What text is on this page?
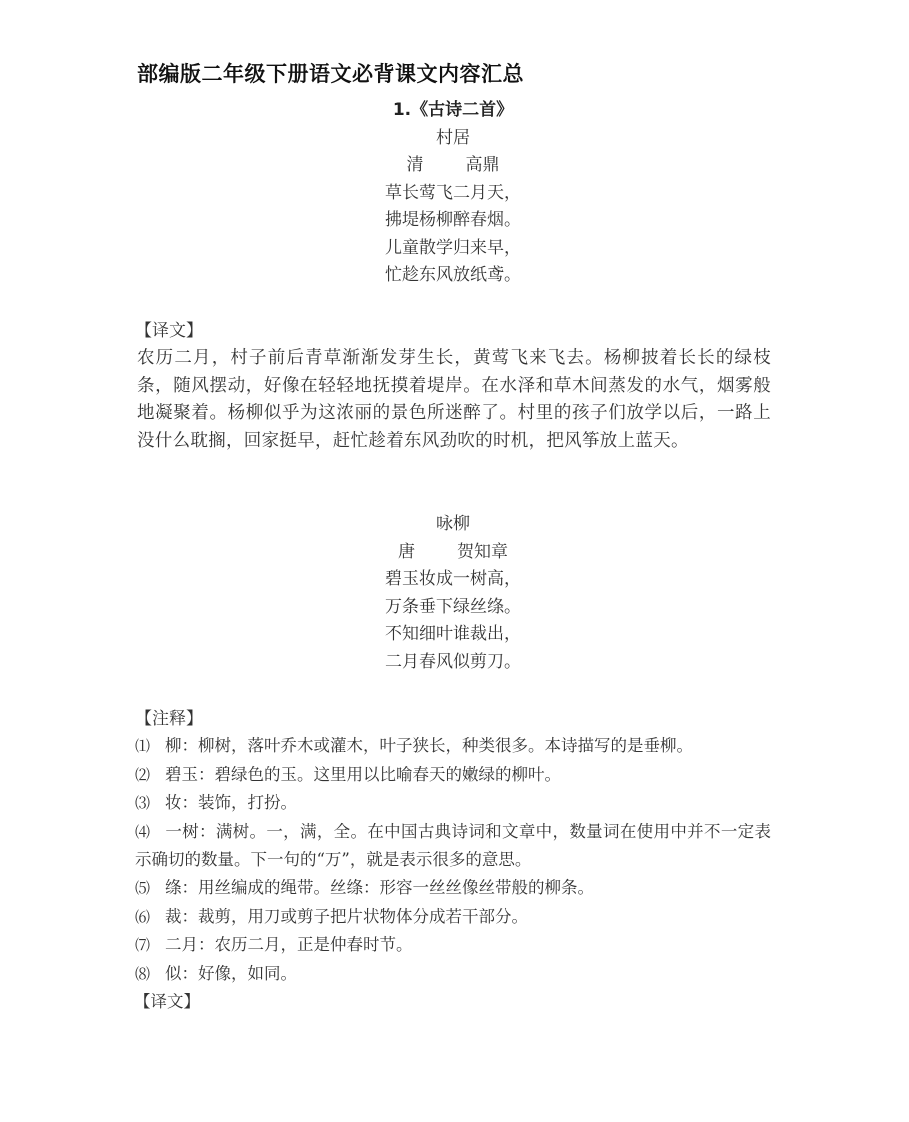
部编版二年级下册语文必背课文内容汇总
1.《古诗二首》
村居
清 高鼎
草长莺飞二月天，
拂堤杨柳醉春烟。
儿童散学归来早，
忙趁东风放纸鸢。
【译文】
农历二月，村子前后青草渐渐发芽生长，黄莺飞来飞去。杨柳披着长长的绿枝条，随风摆动，好像在轻轻地抚摸着堤岸。在水泽和草木间蒸发的水气，烟雾般地凝聚着。杨柳似乎为这浓丽的景色所迷醉了。村里的孩子们放学以后，一路上没什么耽搁，回家挺早，赶忙趁着东风劲吹的时机，把风筝放上蓝天。
咏柳
唐 贺知章
碧玉妆成一树高，
万条垂下绿丝绦。
不知细叶谁裁出，
二月春风似剪刀。
【注释】
⑴ 柳：柳树，落叶乔木或灌木，叶子狭长，种类很多。本诗描写的是垂柳。
⑵ 碧玉：碧绿色的玉。这里用以比喻春天的嫩绿的柳叶。
⑶ 妆：装饰，打扮。
⑷ 一树：满树。一，满，全。在中国古典诗词和文章中，数量词在使用中并不一定表示确切的数量。下一句的“万”，就是表示很多的意思。
⑸ 绦：用丝编成的绳带。丝绦：形容一丝丝像丝带般的柳条。
⑹ 裁：裁剪，用刀或剪子把片状物体分成若干部分。
⑺ 二月：农历二月，正是仲春时节。
⑻ 似：好像，如同。
【译文】
